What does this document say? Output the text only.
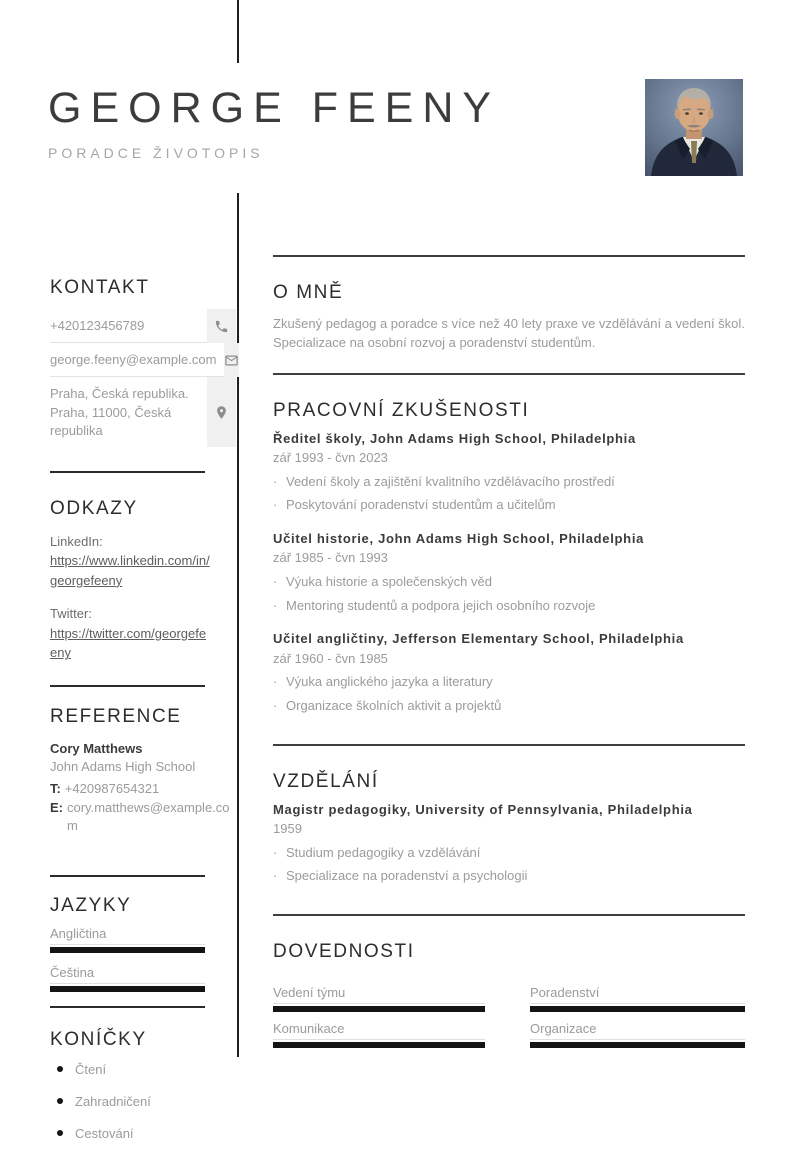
GEORGE FEENY
PORADCE ŽIVOTOPIS
KONTAKT
+420123456789
george.feeny@example.com
Praha, Česká republika.
Praha, 11000, Česká republika
ODKAZY
LinkedIn:
https://www.linkedin.com/in/georgefeeny
Twitter:
https://twitter.com/georgefeeny
REFERENCE
Cory Matthews
John Adams High School
T: +420987654321
E: cory.matthews@example.com
JAZYKY
Angličtina
Čeština
KONÍČKY
Čtení
Zahradničení
Cestování
O MNĚ

Zkušený pedagog a poradce s více než 40 lety praxe ve vzdělávání a vedení škol. Specializace na osobní rozvoj a poradenství studentům.

PRACOVNÍ ZKUŠENOSTI
Ředitel školy, John Adams High School, Philadelphia
zář 1993 - čvn 2023
· Vedení školy a zajištění kvalitního vzdělávacího prostředí
· Poskytování poradenství studentům a učitelům
Učitel historie, John Adams High School, Philadelphia
zář 1985 - čvn 1993
· Výuka historie a společenských věd
· Mentoring studentů a podpora jejich osobního rozvoje
Učitel angličtiny, Jefferson Elementary School, Philadelphia
zář 1960 - čvn 1985
· Výuka anglického jazyka a literatury
· Organizace školních aktivit a projektů
VZDĚLÁNÍ
Magistr pedagogiky, University of Pennsylvania, Philadelphia
1959
· Studium pedagogiky a vzdělávání
· Specializace na poradenství a psychologii
DOVEDNOSTI
Vedení týmu	Poradenství
Komunikace	Organizace
